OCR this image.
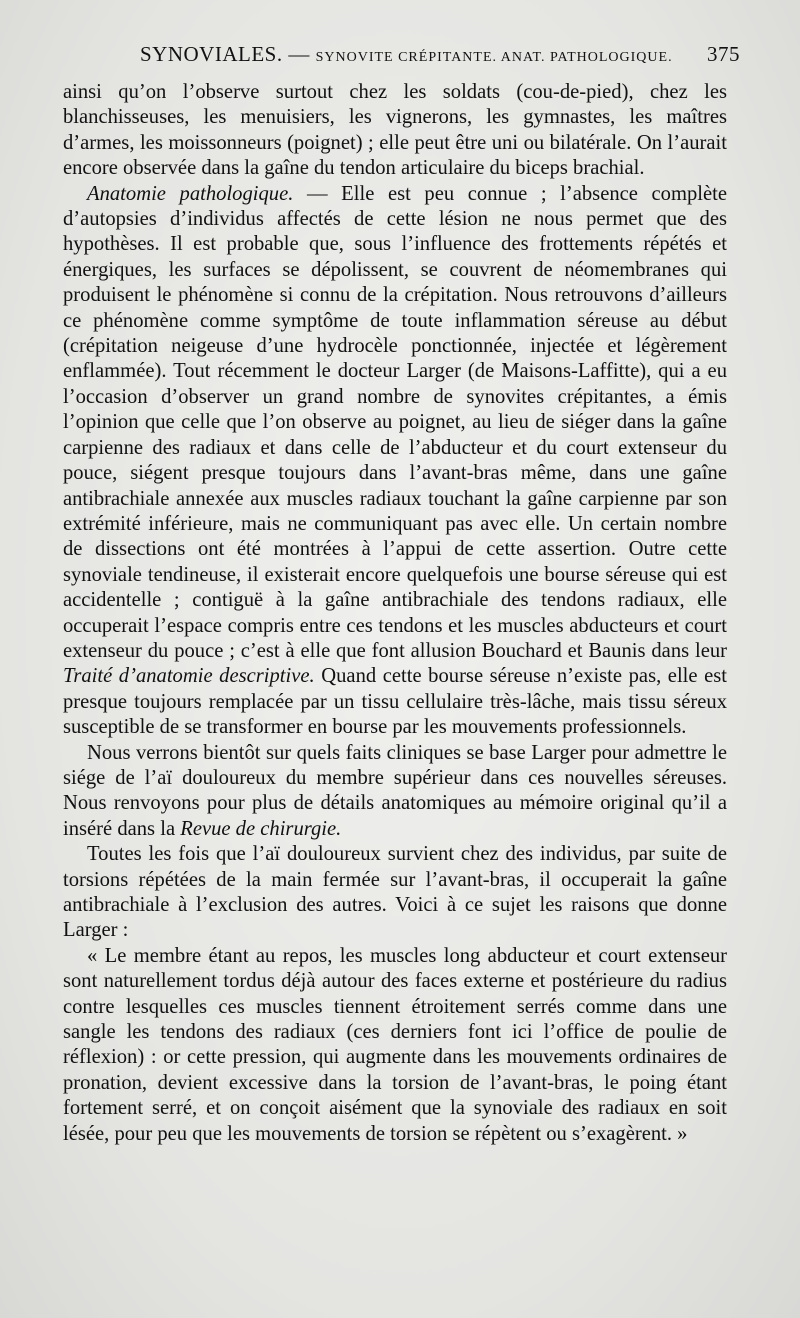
SYNOVIALES. — SYNOVITE CRÉPITANTE. ANAT. PATHOLOGIQUE. 375

ainsi qu’on l’observe surtout chez les soldats (cou-de-pied), chez les blanchisseuses, les menuisiers, les vignerons, les gymnastes, les maîtres d’armes, les moissonneurs (poignet) ; elle peut être uni ou bilatérale. On l’aurait encore observée dans la gaîne du tendon articulaire du biceps brachial.

Anatomie pathologique. — Elle est peu connue ; l’absence complète d’autopsies d’individus affectés de cette lésion ne nous permet que des hypothèses. Il est probable que, sous l’influence des frottements répétés et énergiques, les surfaces se dépolissent, se couvrent de néomembranes qui produisent le phénomène si connu de la crépitation. Nous retrouvons d’ailleurs ce phénomène comme symptôme de toute inflammation séreuse au début (crépitation neigeuse d’une hydrocèle ponctionnée, injectée et légèrement enflammée). Tout récemment le docteur Larger (de Maisons-Laffitte), qui a eu l’occasion d’observer un grand nombre de synovites crépitantes, a émis l’opinion que celle que l’on observe au poignet, au lieu de siéger dans la gaîne carpienne des radiaux et dans celle de l’abducteur et du court extenseur du pouce, siégent presque toujours dans l’avant-bras même, dans une gaîne antibrachiale annexée aux muscles radiaux touchant la gaîne carpienne par son extrémité inférieure, mais ne communiquant pas avec elle. Un certain nombre de dissections ont été montrées à l’appui de cette assertion. Outre cette synoviale tendineuse, il existerait encore quelquefois une bourse séreuse qui est accidentelle ; contiguë à la gaîne antibrachiale des tendons radiaux, elle occuperait l’espace compris entre ces tendons et les muscles abducteurs et court extenseur du pouce ; c’est à elle que font allusion Bouchard et Baunis dans leur Traité d’anatomie descriptive. Quand cette bourse séreuse n’existe pas, elle est presque toujours remplacée par un tissu cellulaire très-lâche, mais tissu séreux susceptible de se transformer en bourse par les mouvements professionnels.

Nous verrons bientôt sur quels faits cliniques se base Larger pour admettre le siége de l’aï douloureux du membre supérieur dans ces nouvelles séreuses. Nous renvoyons pour plus de détails anatomiques au mémoire original qu’il a inséré dans la Revue de chirurgie.

Toutes les fois que l’aï douloureux survient chez des individus, par suite de torsions répétées de la main fermée sur l’avant-bras, il occuperait la gaîne antibrachiale à l’exclusion des autres. Voici à ce sujet les raisons que donne Larger :

« Le membre étant au repos, les muscles long abducteur et court extenseur sont naturellement tordus déjà autour des faces externe et postérieure du radius contre lesquelles ces muscles tiennent étroitement serrés comme dans une sangle les tendons des radiaux (ces derniers font ici l’office de poulie de réflexion) : or cette pression, qui augmente dans les mouvements ordinaires de pronation, devient excessive dans la torsion de l’avant-bras, le poing étant fortement serré, et on conçoit aisément que la synoviale des radiaux en soit lésée, pour peu que les mouvements de torsion se répètent ou s’exagèrent. »
